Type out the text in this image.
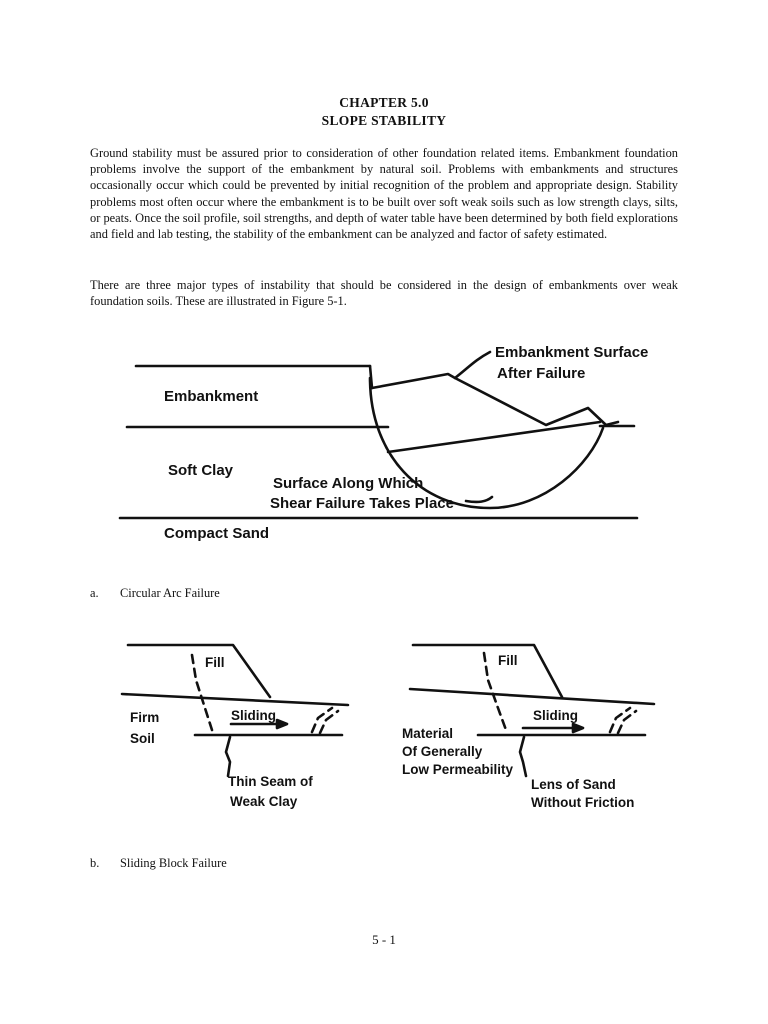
CHAPTER 5.0
SLOPE STABILITY
Ground stability must be assured prior to consideration of other foundation related items. Embankment foundation problems involve the support of the embankment by natural soil. Problems with embankments and structures occasionally occur which could be prevented by initial recognition of the problem and appropriate design. Stability problems most often occur where the embankment is to be built over soft weak soils such as low strength clays, silts, or peats. Once the soil profile, soil strengths, and depth of water table have been determined by both field explorations and field and lab testing, the stability of the embankment can be analyzed and factor of safety estimated.
There are three major types of instability that should be considered in the design of embankments over weak foundation soils. These are illustrated in Figure 5-1.
Embankment Surface
After Failure
Embankment
Soft Clay
Surface Along Which
Shear Failure Takes Place
Compact Sand
a. Circular Arc Failure
Fill
Firm
Soil
Sliding
Thin Seam of
Weak Clay
Fill
Material
Of Generally
Low Permeability
Sliding
Lens of Sand
Without Friction
b. Sliding Block Failure
5 - 1
